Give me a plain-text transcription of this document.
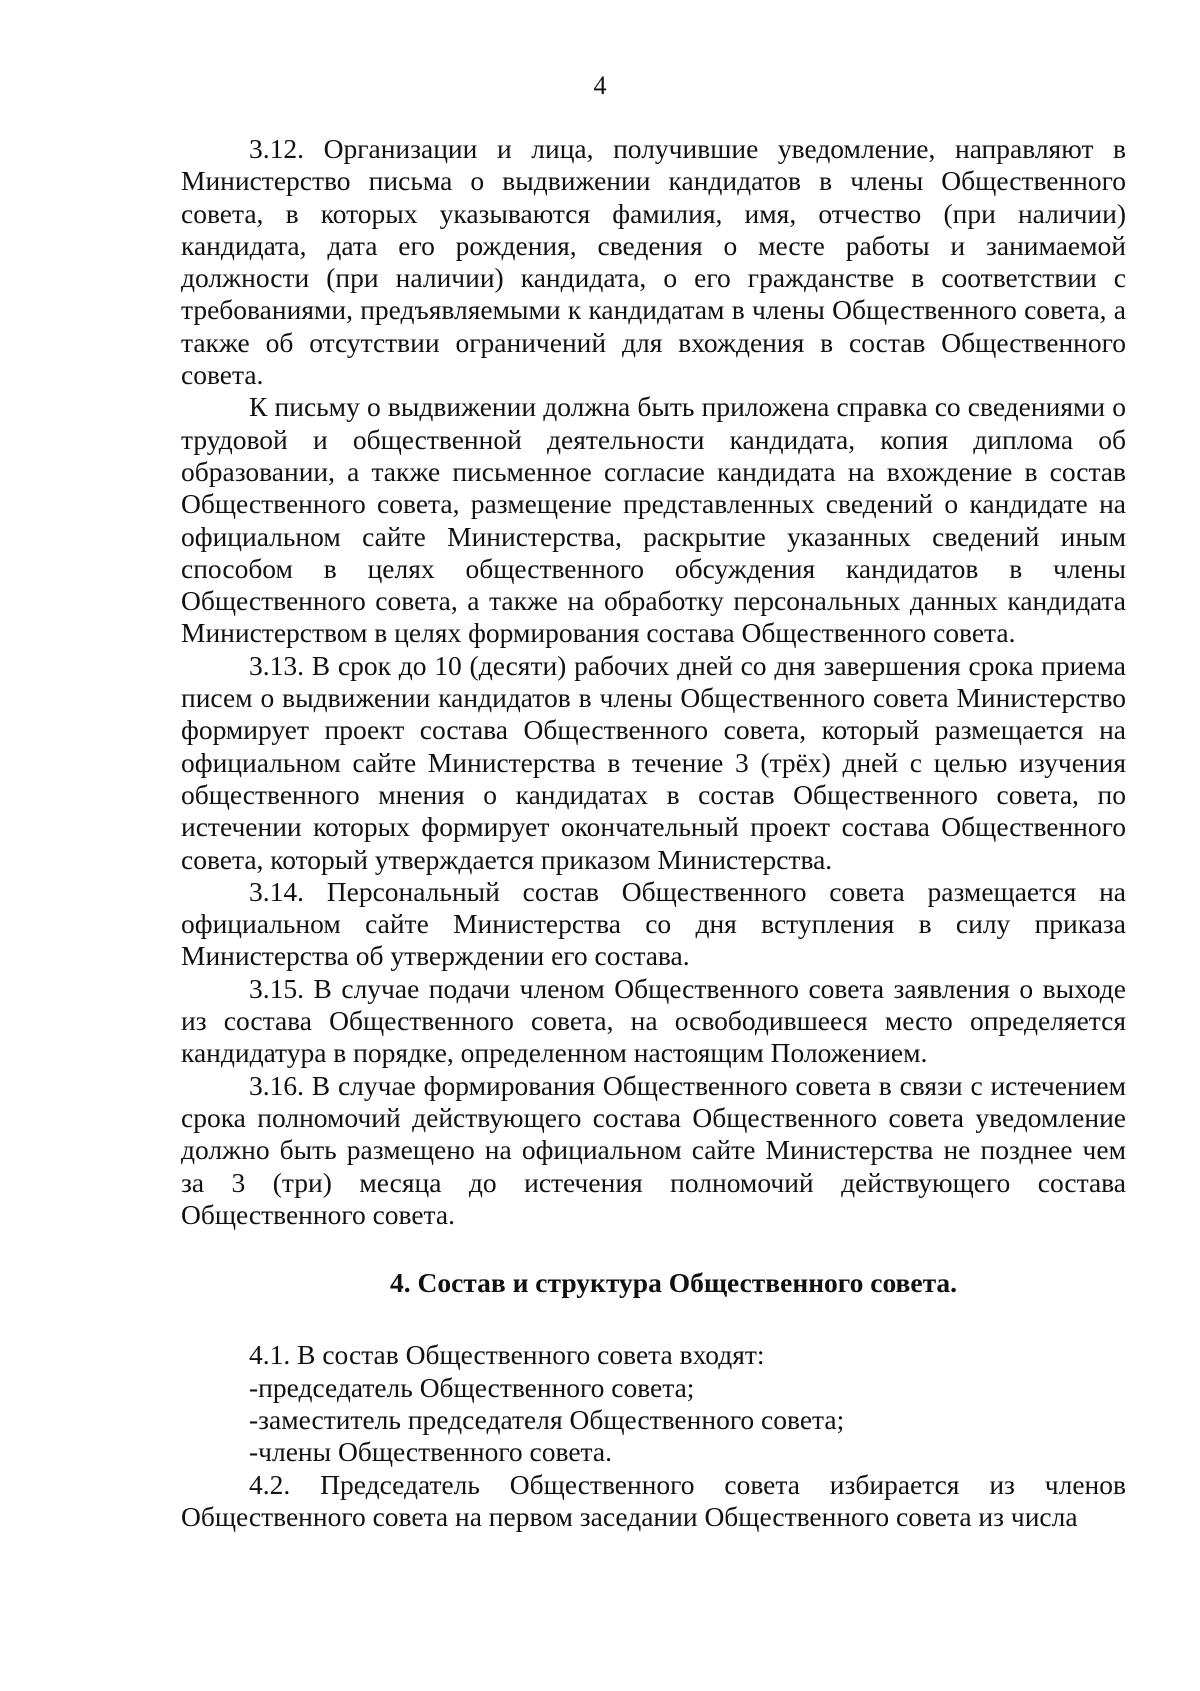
4

3.12. Организации и лица, получившие уведомление, направляют в Министерство письма о выдвижении кандидатов в члены Общественного совета, в которых указываются фамилия, имя, отчество (при наличии) кандидата, дата его рождения, сведения о месте работы и занимаемой должности (при наличии) кандидата, о его гражданстве в соответствии с требованиями, предъявляемыми к кандидатам в члены Общественного совета, а также об отсутствии ограничений для вхождения в состав Общественного совета.

К письму о выдвижении должна быть приложена справка со сведениями о трудовой и общественной деятельности кандидата, копия диплома об образовании, а также письменное согласие кандидата на вхождение в состав Общественного совета, размещение представленных сведений о кандидате на официальном сайте Министерства, раскрытие указанных сведений иным способом в целях общественного обсуждения кандидатов в члены Общественного совета, а также на обработку персональных данных кандидата Министерством в целях формирования состава Общественного совета.

3.13. В срок до 10 (десяти) рабочих дней со дня завершения срока приема писем о выдвижении кандидатов в члены Общественного совета Министерство формирует проект состава Общественного совета, который размещается на официальном сайте Министерства в течение 3 (трёх) дней с целью изучения общественного мнения о кандидатах в состав Общественного совета, по истечении которых формирует окончательный проект состава Общественного совета, который утверждается приказом Министерства.

3.14. Персональный состав Общественного совета размещается на официальном сайте Министерства со дня вступления в силу приказа Министерства об утверждении его состава.

3.15. В случае подачи членом Общественного совета заявления о выходе из состава Общественного совета, на освободившееся место определяется кандидатура в порядке, определенном настоящим Положением.

3.16. В случае формирования Общественного совета в связи с истечением срока полномочий действующего состава Общественного совета уведомление должно быть размещено на официальном сайте Министерства не позднее чем за 3 (три) месяца до истечения полномочий действующего состава Общественного совета.

4. Состав и структура Общественного совета.

4.1. В состав Общественного совета входят:

-председатель Общественного совета;

-заместитель председателя Общественного совета;

-члены Общественного совета.

4.2. Председатель Общественного совета избирается из членов Общественного совета на первом заседании Общественного совета из числа
